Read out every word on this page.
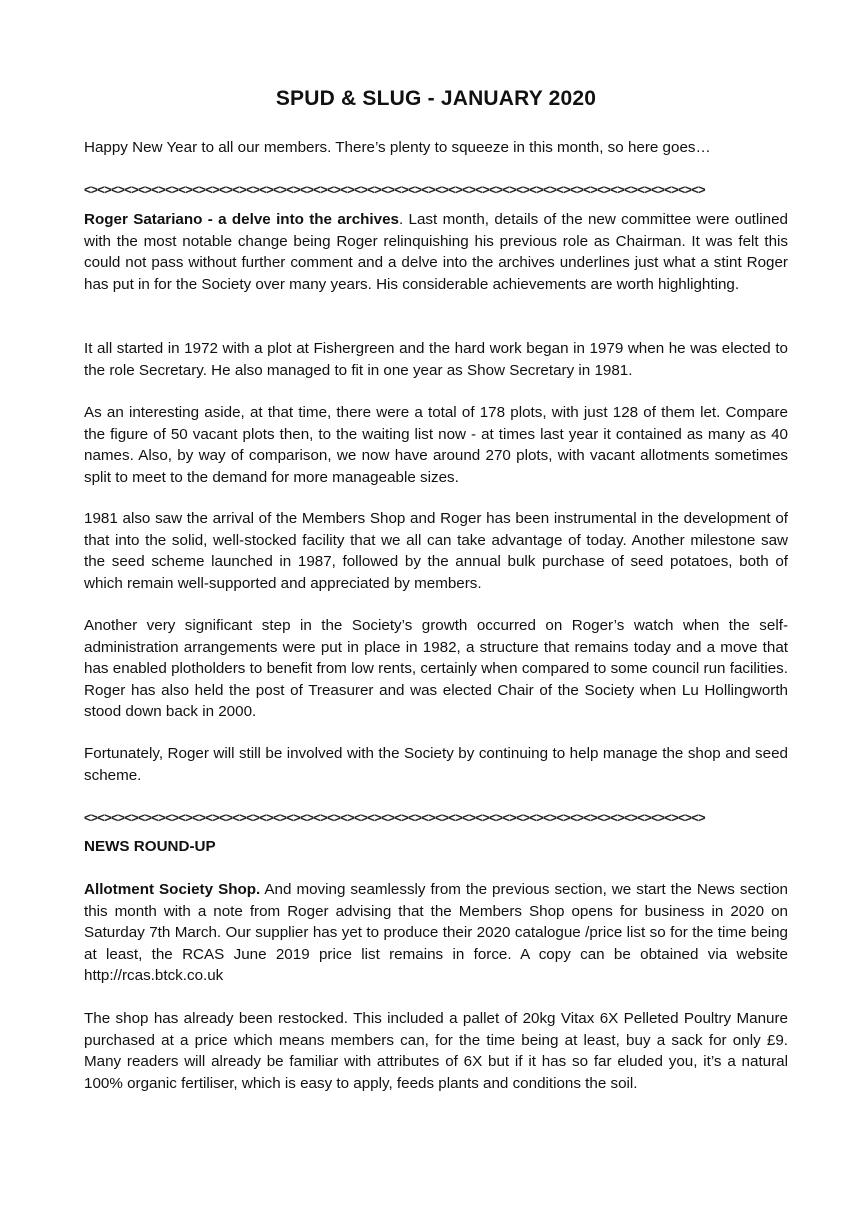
SPUD & SLUG - JANUARY 2020

Happy New Year to all our members. There’s plenty to squeeze in this month, so here goes…

<><><><><><><><><><><><><><><><><><><><><><><><><><><><><><><><><><><><><><><><><><><><><><>

Roger Satariano - a delve into the archives. Last month, details of the new committee were outlined with the most notable change being Roger relinquishing his previous role as Chairman. It was felt this could not pass without further comment and a delve into the archives underlines just what a stint Roger has put in for the Society over many years. His considerable achievements are worth highlighting.

It all started in 1972 with a plot at Fishergreen and the hard work began in 1979 when he was elected to the role Secretary. He also managed to fit in one year as Show Secretary in 1981.

As an interesting aside, at that time, there were a total of 178 plots, with just 128 of them let. Compare the figure of 50 vacant plots then, to the waiting list now - at times last year it contained as many as 40 names. Also, by way of comparison, we now have around 270 plots, with vacant allotments sometimes split to meet to the demand for more manageable sizes.

1981 also saw the arrival of the Members Shop and Roger has been instrumental in the development of that into the solid, well-stocked facility that we all can take advantage of today. Another milestone saw the seed scheme launched in 1987, followed by the annual bulk purchase of seed potatoes, both of which remain well-supported and appreciated by members.

Another very significant step in the Society’s growth occurred on Roger’s watch when the self-administration arrangements were put in place in 1982, a structure that remains today and a move that has enabled plotholders to benefit from low rents, certainly when compared to some council run facilities. Roger has also held the post of Treasurer and was elected Chair of the Society when Lu Hollingworth stood down back in 2000.

Fortunately, Roger will still be involved with the Society by continuing to help manage the shop and seed scheme.

<><><><><><><><><><><><><><><><><><><><><><><><><><><><><><><><><><><><><><><><><><><><><><>
NEWS ROUND-UP

Allotment Society Shop. And moving seamlessly from the previous section, we start the News section this month with a note from Roger advising that the Members Shop opens for business in 2020 on Saturday 7th March. Our supplier has yet to produce their 2020 catalogue /price list so for the time being at least, the RCAS June 2019 price list remains in force. A copy can be obtained via website http://rcas.btck.co.uk

The shop has already been restocked. This included a pallet of 20kg Vitax 6X Pelleted Poultry Manure purchased at a price which means members can, for the time being at least, buy a sack for only £9. Many readers will already be familiar with attributes of 6X but if it has so far eluded you, it’s a natural 100% organic fertiliser, which is easy to apply, feeds plants and conditions the soil.
